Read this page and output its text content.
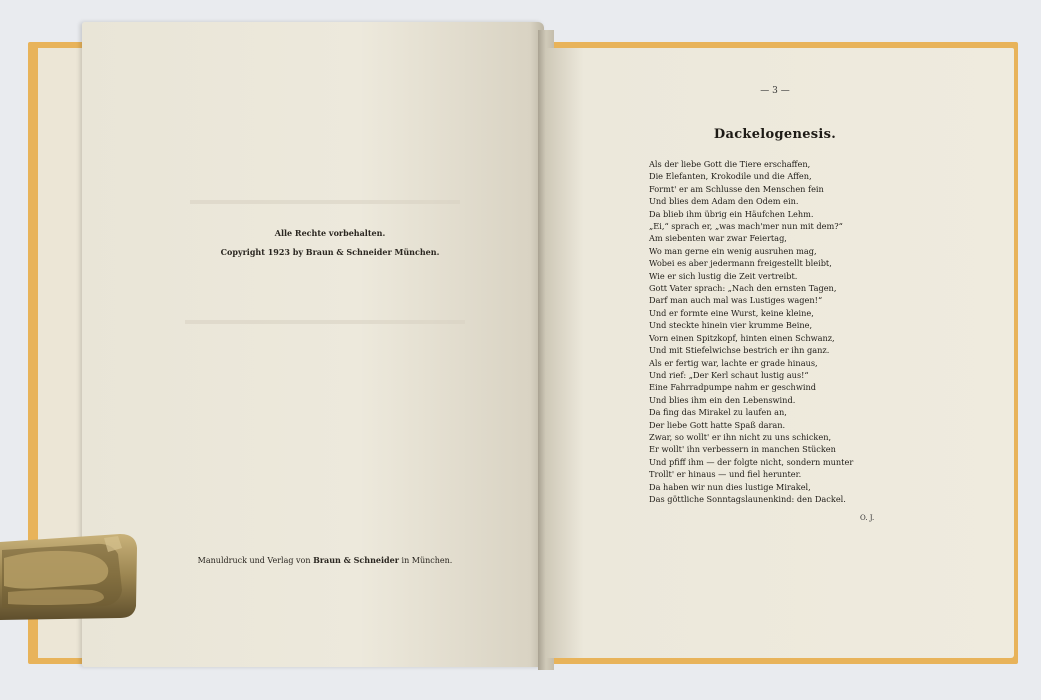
Alle Rechte vorbehalten.
Copyright 1923 by Braun & Schneider München.
Manuldruck und Verlag von Braun & Schneider in München.
— 3 —
Dackelogenesis.
Als der liebe Gott die Tiere erschaffen,
Die Elefanten, Krokodile und die Affen,
Formt' er am Schlusse den Menschen fein
Und blies dem Adam den Odem ein.
Da blieb ihm übrig ein Häufchen Lehm.
„Ei,“ sprach er, „was mach'mer nun mit dem?“
Am siebenten war zwar Feiertag,
Wo man gerne ein wenig ausruhen mag,
Wobei es aber jedermann freigestellt bleibt,
Wie er sich lustig die Zeit vertreibt.
Gott Vater sprach: „Nach den ernsten Tagen,
Darf man auch mal was Lustiges wagen!“
Und er formte eine Wurst, keine kleine,
Und steckte hinein vier krumme Beine,
Vorn einen Spitzkopf, hinten einen Schwanz,
Und mit Stiefelwichse bestrich er ihn ganz.
Als er fertig war, lachte er grade hinaus,
Und rief: „Der Kerl schaut lustig aus!“
Eine Fahrradpumpe nahm er geschwind
Und blies ihm ein den Lebenswind.
Da fing das Mirakel zu laufen an,
Der liebe Gott hatte Spaß daran.
Zwar, so wollt' er ihn nicht zu uns schicken,
Er wollt' ihn verbessern in manchen Stücken
Und pfiff ihm — der folgte nicht, sondern munter
Trollt' er hinaus — und fiel herunter.
Da haben wir nun dies lustige Mirakel,
Das göttliche Sonntagslaunenkind: den Dackel.
O. J.
